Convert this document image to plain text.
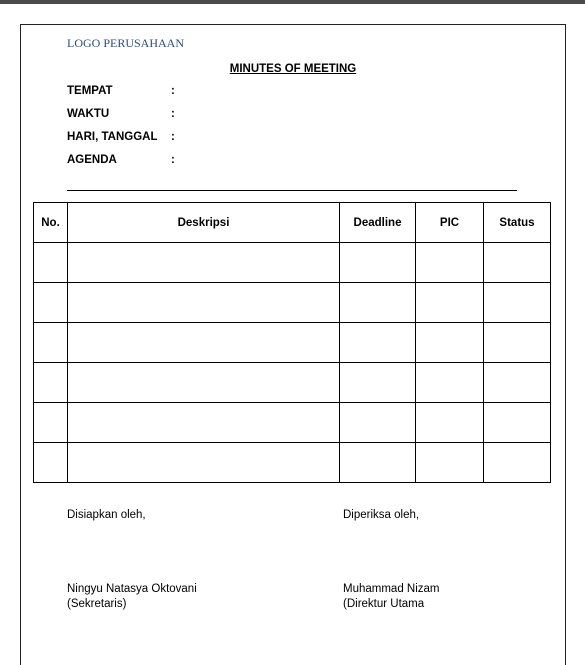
LOGO PERUSAHAAN
MINUTES OF MEETING
TEMPAT	:
WAKTU	:
HARI, TANGGAL :
AGENDA	:
No.	Deskripsi	Deadline	PIC	Status

Disiapkan oleh,	Diperiksa oleh,
Ningyu Natasya Oktovani
(Sekretaris)
Muhammad Nizam
(Direktur Utama
